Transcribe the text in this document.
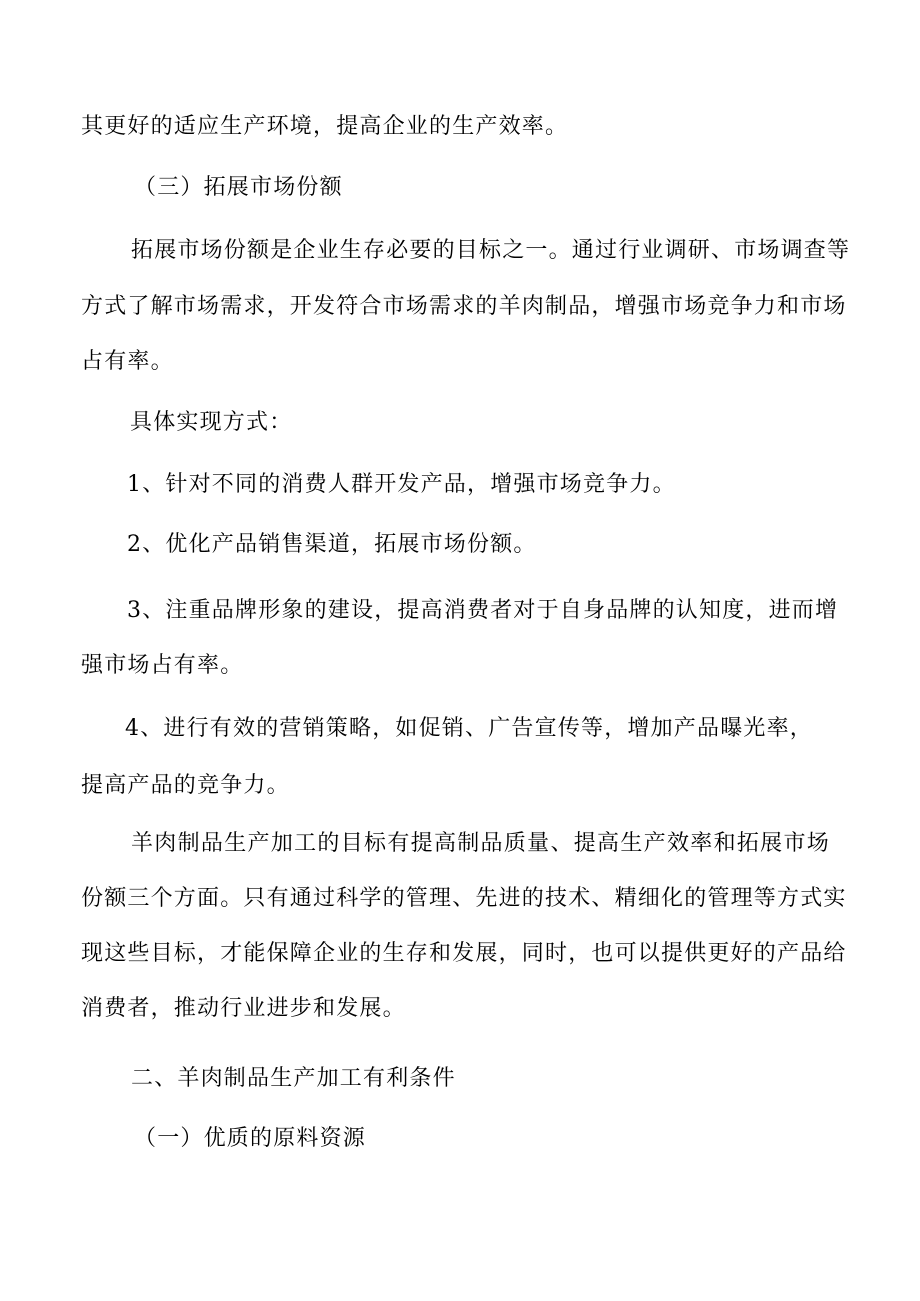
其更好的适应生产环境，提高企业的生产效率。
（三）拓展市场份额
拓展市场份额是企业生存必要的目标之一。通过行业调研、市场调查等
方式了解市场需求，开发符合市场需求的羊肉制品，增强市场竞争力和市场
占有率。
具体实现方式：
1、针对不同的消费人群开发产品，增强市场竞争力。
2、优化产品销售渠道，拓展市场份额。
3、注重品牌形象的建设，提高消费者对于自身品牌的认知度，进而增
强市场占有率。
4、进行有效的营销策略，如促销、广告宣传等，增加产品曝光率，
提高产品的竞争力。
羊肉制品生产加工的目标有提高制品质量、提高生产效率和拓展市场
份额三个方面。只有通过科学的管理、先进的技术、精细化的管理等方式实
现这些目标，才能保障企业的生存和发展，同时，也可以提供更好的产品给
消费者，推动行业进步和发展。
二、羊肉制品生产加工有利条件
（一）优质的原料资源
